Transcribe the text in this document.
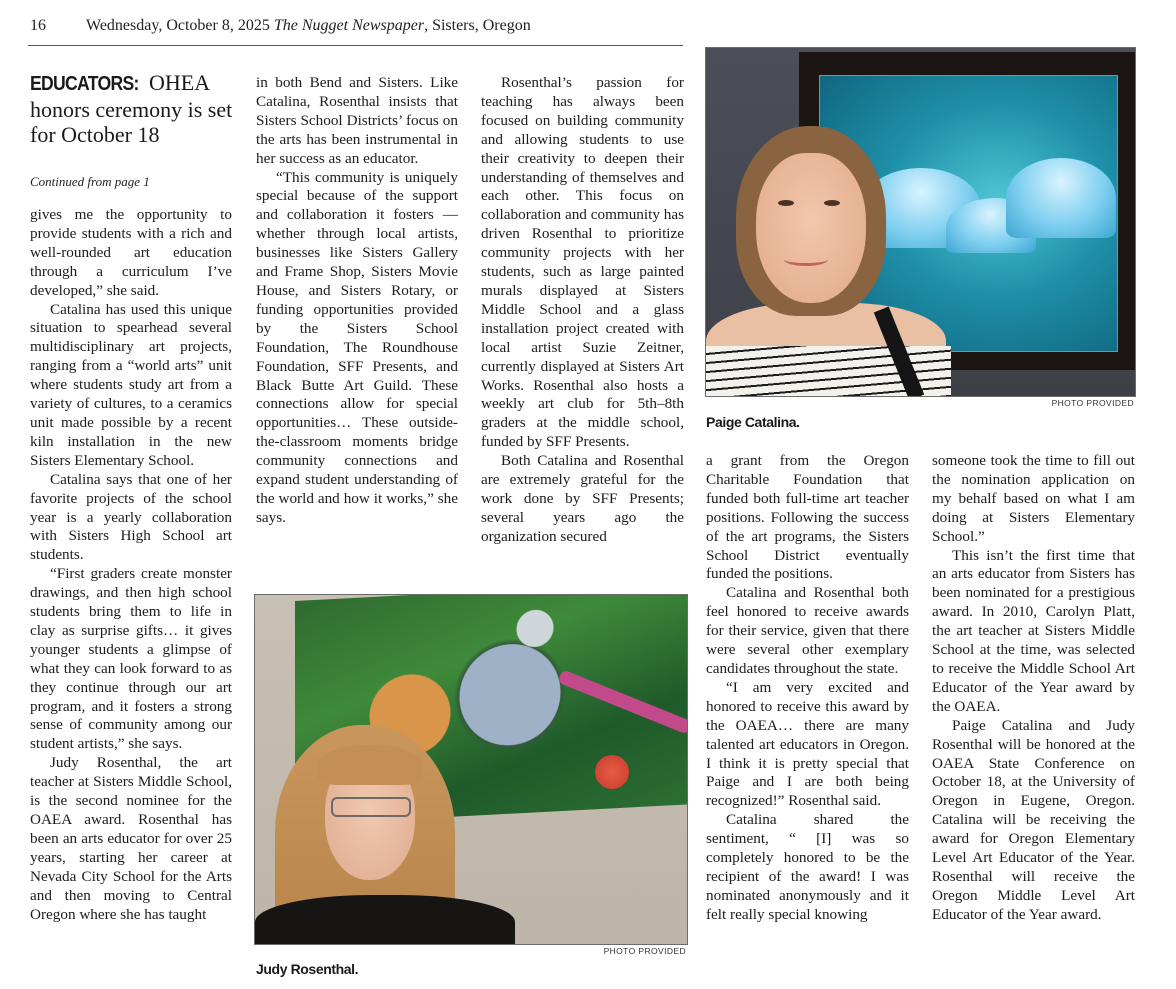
16	Wednesday, October 8, 2025 The Nugget Newspaper, Sisters, Oregon
EDUCATORS: OHEA honors ceremony is set for October 18
Continued from page 1

gives me the opportunity to provide students with a rich and well-rounded art education through a curriculum I’ve developed,” she said.

Catalina has used this unique situation to spearhead several multidisciplinary art projects, ranging from a “world arts” unit where students study art from a variety of cultures, to a ceramics unit made possible by a recent kiln installation in the new Sisters Elementary School.

Catalina says that one of her favorite projects of the school year is a yearly collaboration with Sisters High School art students.

“First graders create monster drawings, and then high school students bring them to life in clay as surprise gifts… it gives younger students a glimpse of what they can look forward to as they continue through our art program, and it fosters a strong sense of community among our student artists,” she says.

Judy Rosenthal, the art teacher at Sisters Middle School, is the second nominee for the OAEA award. Rosenthal has been an arts educator for over 25 years, starting her career at Nevada City School for the Arts and then moving to Central Oregon where she has taught

in both Bend and Sisters. Like Catalina, Rosenthal insists that Sisters School Districts’ focus on the arts has been instrumental in her success as an educator.

“This community is uniquely special because of the support and collaboration it fosters — whether through local artists, businesses like Sisters Gallery and Frame Shop, Sisters Movie House, and Sisters Rotary, or funding opportunities provided by the Sisters School Foundation, The Roundhouse Foundation, SFF Presents, and Black Butte Art Guild. These connections allow for special opportunities… These outside-the-classroom moments bridge community connections and expand student understanding of the world and how it works,” she says.

Rosenthal’s passion for teaching has always been focused on building community and allowing students to use their creativity to deepen their understanding of themselves and each other. This focus on collaboration and community has driven Rosenthal to prioritize community projects with her students, such as large painted murals displayed at Sisters Middle School and a glass installation project created with local artist Suzie Zeitner, currently displayed at Sisters Art Works. Rosenthal also hosts a weekly art club for 5th–8th graders at the middle school, funded by SFF Presents.

Both Catalina and Rosenthal are extremely grateful for the work done by SFF Presents; several years ago the organization secured

a grant from the Oregon Charitable Foundation that funded both full-time art teacher positions. Following the success of the art programs, the Sisters School District eventually funded the positions.

Catalina and Rosenthal both feel honored to receive awards for their service, given that there were several other exemplary candidates throughout the state.

“I am very excited and honored to receive this award by the OAEA… there are many talented art educators in Oregon. I think it is pretty special that Paige and I are both being recognized!” Rosenthal said.

Catalina shared the sentiment, “ [I] was so completely honored to be the recipient of the award! I was nominated anonymously and it felt really special knowing

someone took the time to fill out the nomination application on my behalf based on what I am doing at Sisters Elementary School.”

This isn’t the first time that an arts educator from Sisters has been nominated for a prestigious award. In 2010, Carolyn Platt, the art teacher at Sisters Middle School at the time, was selected to receive the Middle School Art Educator of the Year award by the OAEA.

Paige Catalina and Judy Rosenthal will be honored at the OAEA State Conference on October 18, at the University of Oregon in Eugene, Oregon. Catalina will be receiving the award for Oregon Elementary Level Art Educator of the Year. Rosenthal will receive the Oregon Middle Level Art Educator of the Year award.

PHOTO PROVIDED
Paige Catalina.
PHOTO PROVIDED
Judy Rosenthal.
